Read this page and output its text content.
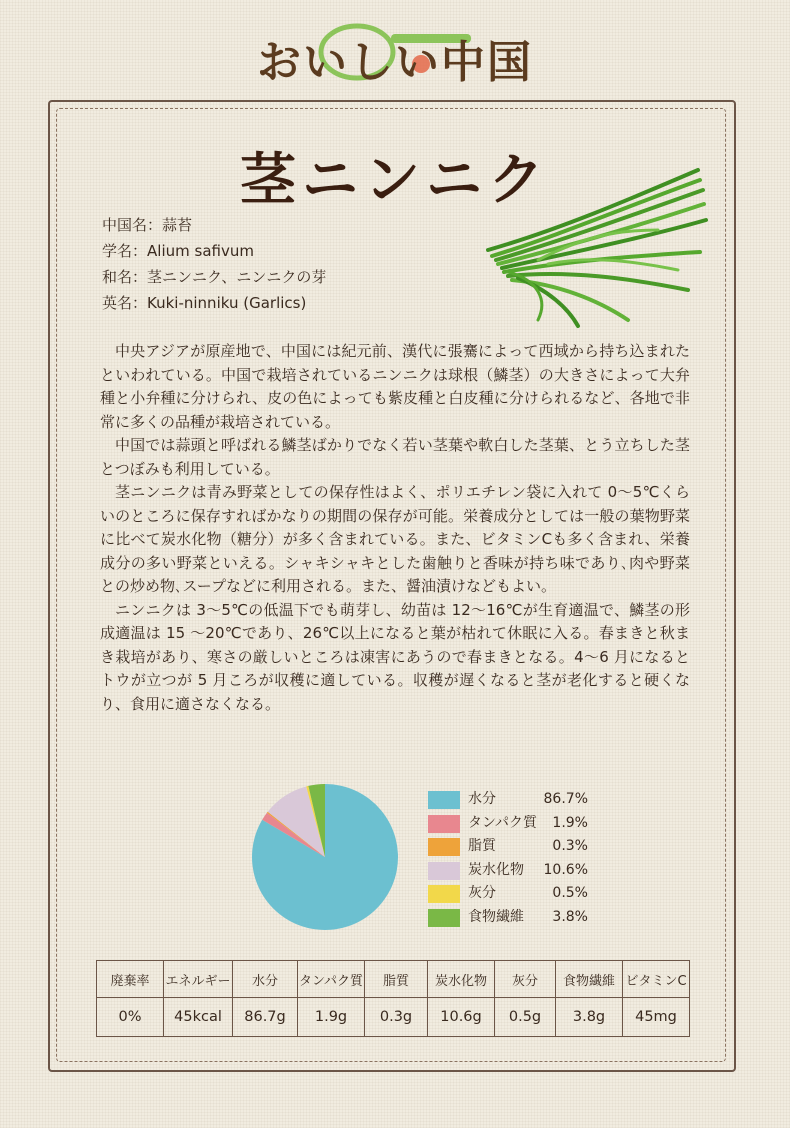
おいしい中国
茎ニンニク
中国名：蒜苔
学名：Alium safivum
和名：茎ニンニク、ニンニクの芽
英名：Kuki-ninniku (Garlics)

中央アジアが原産地で、中国には紀元前、漢代に張騫によって西域から持ち込まれたといわれている。中国で栽培されているニンニクは球根（鱗茎）の大きさによって大弁種と小弁種に分けられ、皮の色によっても紫皮種と白皮種に分けられるなど、各地で非常に多くの品種が栽培されている。

中国では蒜頭と呼ばれる鱗茎ばかりでなく若い茎葉や軟白した茎葉、とう立ちした茎とつぼみも利用している。

茎ニンニクは青み野菜としての保存性はよく、ポリエチレン袋に入れて 0～5℃くらいのところに保存すればかなりの期間の保存が可能。栄養成分としては一般の葉物野菜に比べて炭水化物（糖分）が多く含まれている。また、ビタミンCも多く含まれ、栄養成分の多い野菜といえる。シャキシャキとした歯触りと香味が持ち味であり､肉や野菜との炒め物､スープなどに利用される。また、醤油漬けなどもよい。

ニンニクは 3～5℃の低温下でも萌芽し、幼苗は 12～16℃が生育適温で、鱗茎の形成適温は 15 ～20℃であり、26℃以上になると葉が枯れて休眠に入る。春まきと秋まき栽培があり、寒さの厳しいところは凍害にあうので春まきとなる。4～6 月になるとトウが立つが 5 月ころが収穫に適している。収穫が遅くなると茎が老化すると硬くなり、食用に適さなくなる。

水分	86.7%
タンパク質 1.9%
脂質	0.3%
炭水化物 10.6%
灰分	0.5%
食物繊維 3.8%
廃棄率	エネルギー	水分	タンパク質	脂質	炭水化物	灰分	食物繊維	ビタミンC
0%	45kcal	86.7g	1.9g	0.3g	10.6g	0.5g	3.8g	45mg
